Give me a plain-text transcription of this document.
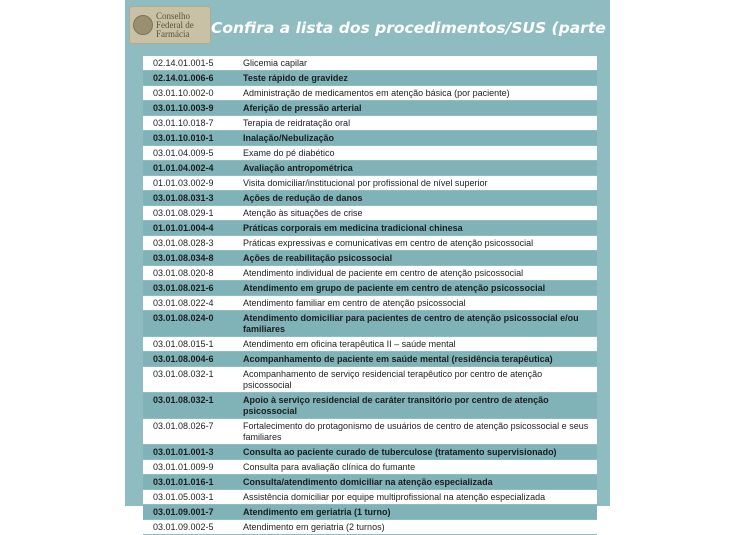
Conselho
Federal de
Farmácia Confira a lista dos procedimentos/SUS (parte 1)
02.14.01.001-5	Glicemia capilar
02.14.01.006-6	Teste rápido de gravidez
03.01.10.002-0	Administração de medicamentos em atenção básica (por paciente)
03.01.10.003-9	Aferição de pressão arterial
03.01.10.018-7	Terapia de reidratação oral
03.01.10.010-1	Inalação/Nebulização
03.01.04.009-5	Exame do pé diabético
01.01.04.002-4	Avaliação antropométrica
01.01.03.002-9	Visita domiciliar/institucional por profissional de nível superior
03.01.08.031-3	Ações de redução de danos
03.01.08.029-1	Atenção às situações de crise
01.01.01.004-4	Práticas corporais em medicina tradicional chinesa
03.01.08.028-3	Práticas expressivas e comunicativas em centro de atenção psicossocial
03.01.08.034-8	Ações de reabilitação psicossocial
03.01.08.020-8	Atendimento individual de paciente em centro de atenção psicossocial
03.01.08.021-6	Atendimento em grupo de paciente em centro de atenção psicossocial
03.01.08.022-4	Atendimento familiar em centro de atenção psicossocial
03.01.08.024-0	Atendimento domiciliar para pacientes de centro de atenção psicossocial e/ou familiares
03.01.08.015-1	Atendimento em oficina terapêutica II – saúde mental
03.01.08.004-6	Acompanhamento de paciente em saúde mental (residência terapêutica)
03.01.08.032-1	Acompanhamento de serviço residencial terapêutico por centro de atenção psicossocial
03.01.08.032-1	Apoio à serviço residencial de caráter transitório por centro de atenção psicossocial
03.01.08.026-7	Fortalecimento do protagonismo de usuários de centro de atenção psicossocial e seus familiares
03.01.01.001-3	Consulta ao paciente curado de tuberculose (tratamento supervisionado)
03.01.01.009-9	Consulta para avaliação clínica do fumante
03.01.01.016-1	Consulta/atendimento domiciliar na atenção especializada
03.01.05.003-1	Assistência domiciliar por equipe multiprofissional na atenção especializada
03.01.09.001-7	Atendimento em geriatria (1 turno)
03.01.09.002-5	Atendimento em geriatria (2 turnos)
